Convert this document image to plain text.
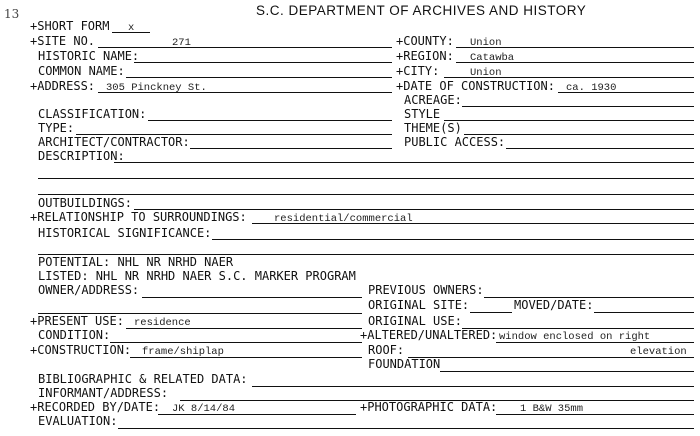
13	S.C. DEPARTMENT OF ARCHIVES AND HISTORY
+SHORT FORM x
+SITE NO.	271	+COUNTY: Union
HISTORIC NAME:	+REGION: Catawba
COMMON NAME:	+CITY:	Union
+ADDRESS: 305 Pinckney St.	+DATE OF CONSTRUCTION: ca. 1930
ACREAGE:
CLASSIFICATION:	STYLE
TYPE:	THEME(S)
ARCHITECT/CONTRACTOR:	PUBLIC ACCESS:
DESCRIPTION:
OUTBUILDINGS:
+RELATIONSHIP TO SURROUNDINGS:	residential/commercial
HISTORICAL SIGNIFICANCE:
POTENTIAL: NHL NR NRHD NAER
LISTED: NHL NR NRHD NAER S.C. MARKER PROGRAM
OWNER/ADDRESS:	PREVIOUS OWNERS:
ORIGINAL SITE:	MOVED/DATE:
+PRESENT USE: residence	ORIGINAL USE:
CONDITION:	+ALTERED/UNALTERED: window enclosed on right
+CONSTRUCTION: frame/shiplap	ROOF:	elevation
FOUNDATION
BIBLIOGRAPHIC & RELATED DATA:
INFORMANT/ADDRESS:
+RECORDED BY/DATE: JK 8/14/84	+PHOTOGRAPHIC DATA: 1 B&W 35mm
EVALUATION:
